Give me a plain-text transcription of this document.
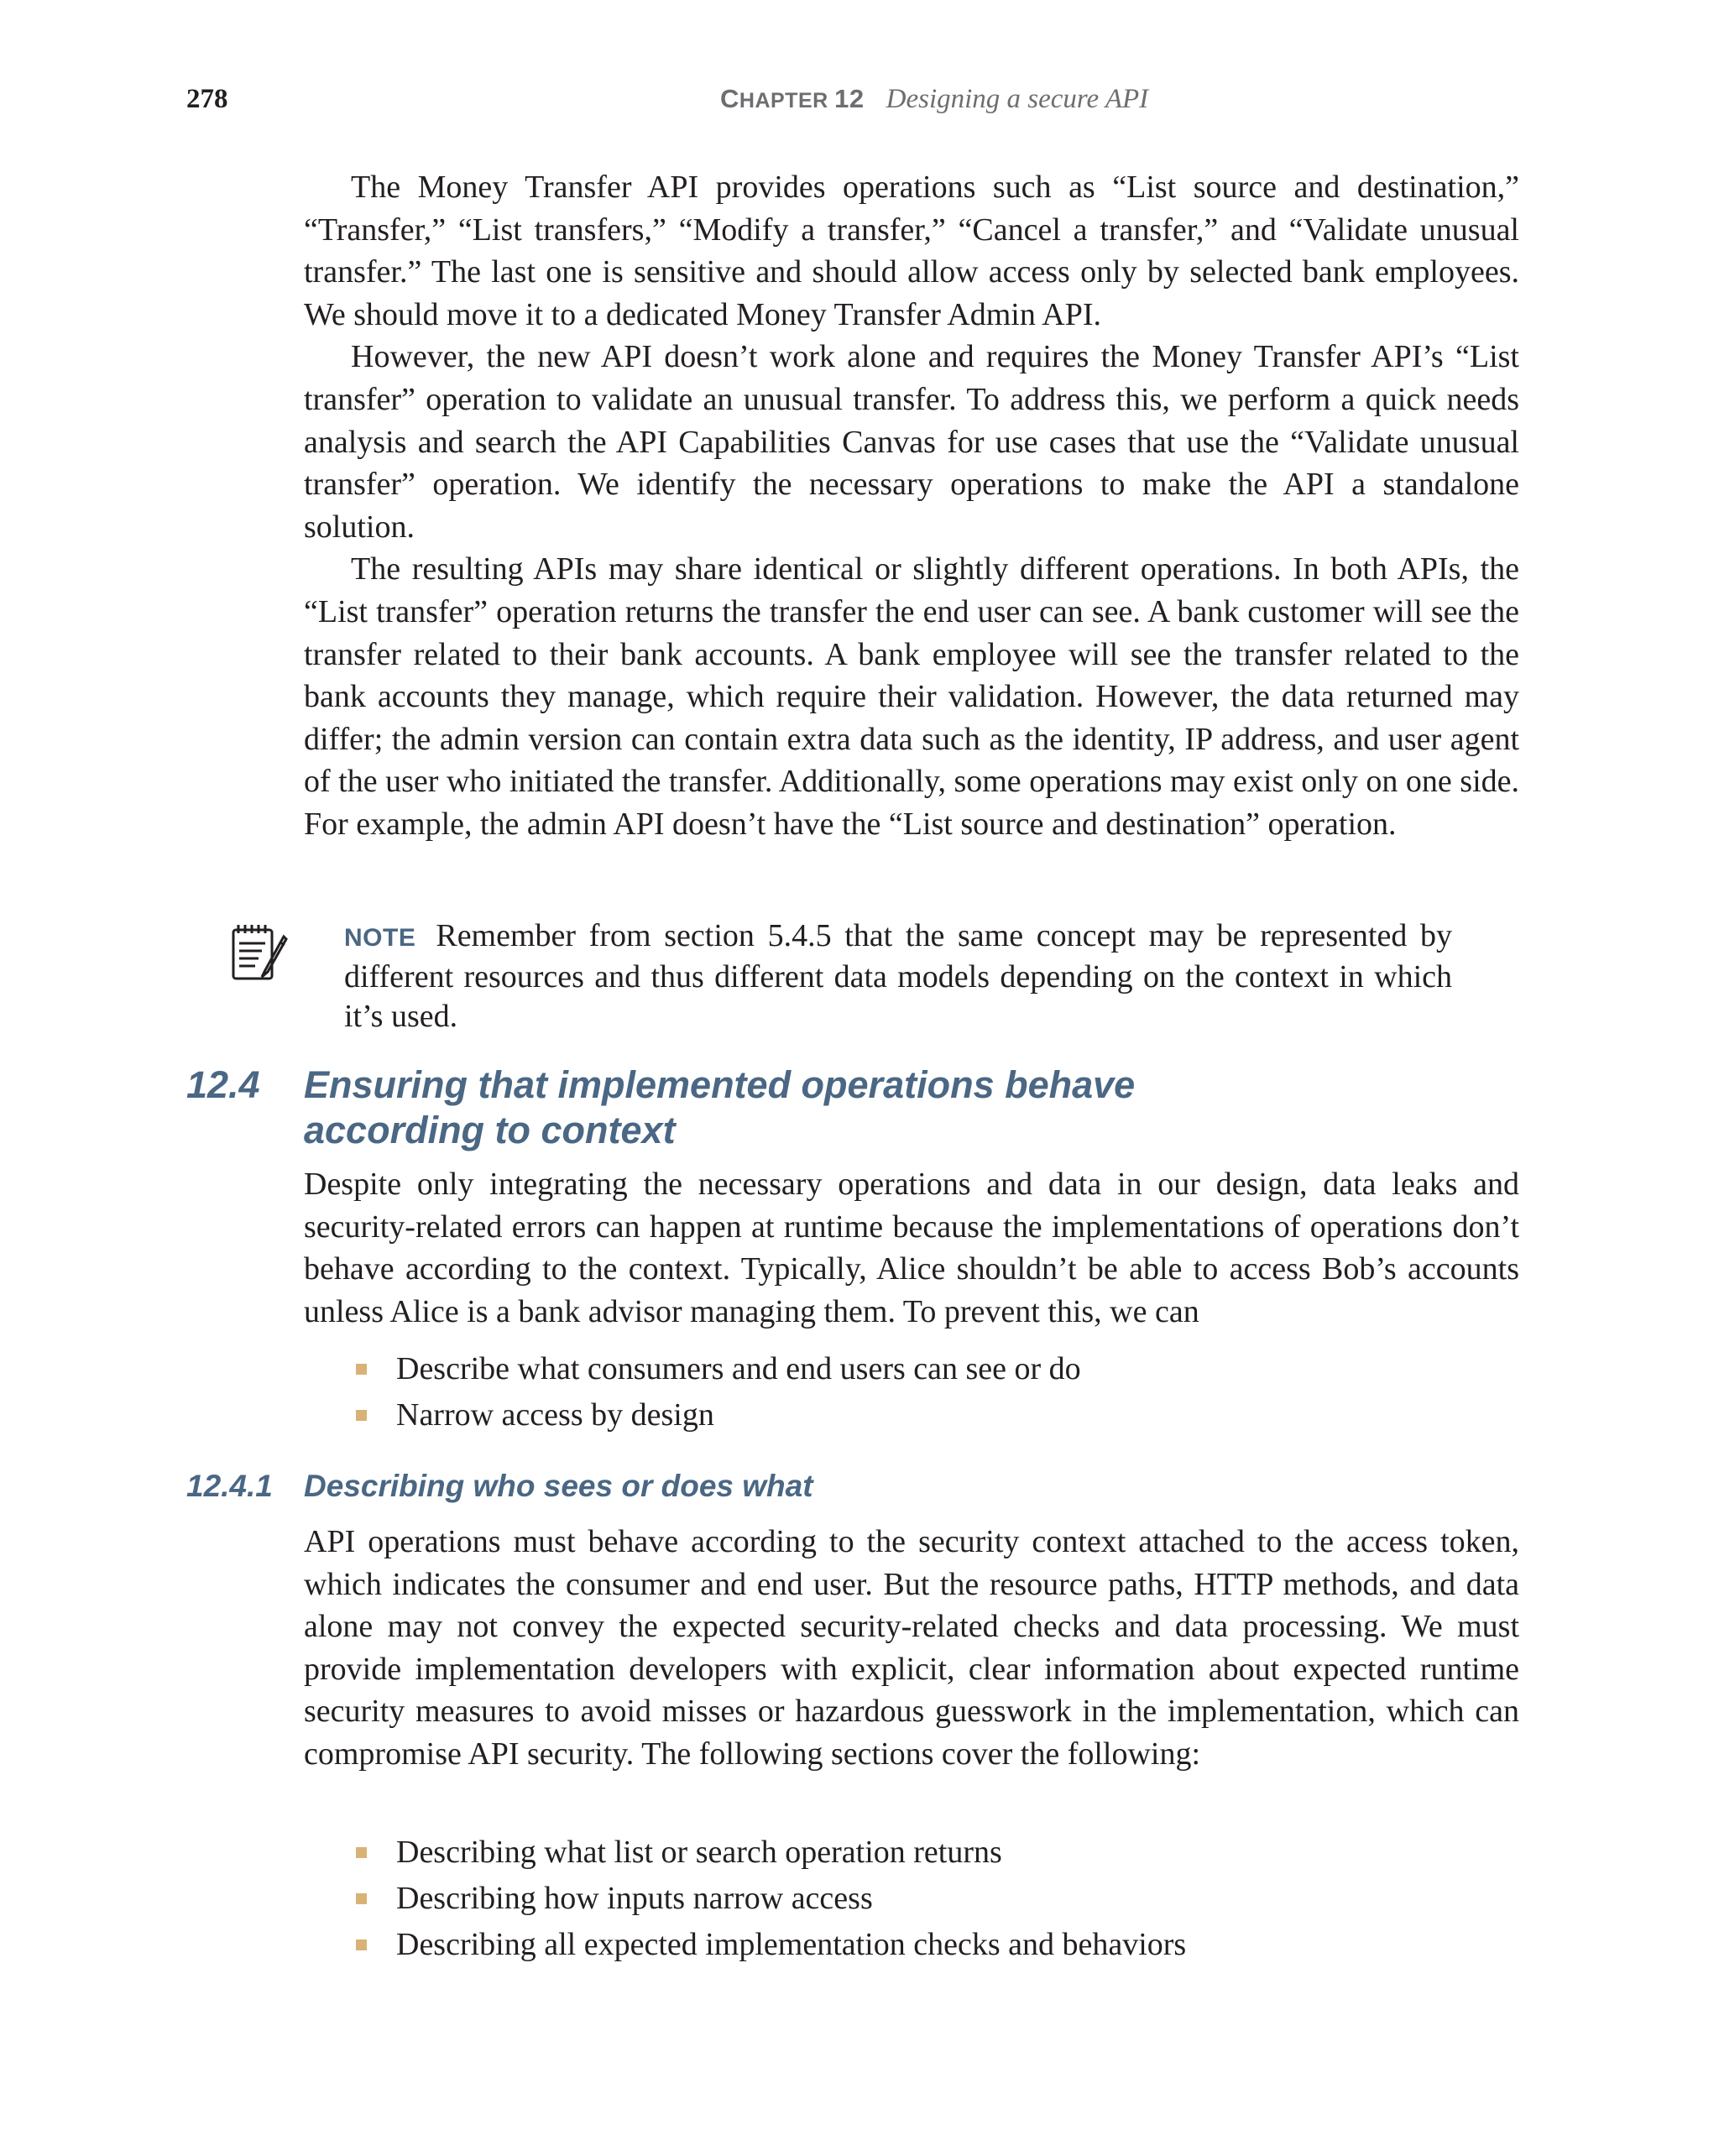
278	CHAPTER 12 Designing a secure API

The Money Transfer API provides operations such as “List source and destination,” “Transfer,” “List transfers,” “Modify a transfer,” “Cancel a transfer,” and “Validate unusual transfer.” The last one is sensitive and should allow access only by selected bank employees. We should move it to a dedicated Money Transfer Admin API.

However, the new API doesn’t work alone and requires the Money Transfer API’s “List transfer” operation to validate an unusual transfer. To address this, we perform a quick needs analysis and search the API Capabilities Canvas for use cases that use the “Validate unusual transfer” operation. We identify the necessary operations to make the API a standalone solution.

The resulting APIs may share identical or slightly different operations. In both APIs, the “List transfer” operation returns the transfer the end user can see. A bank customer will see the transfer related to their bank accounts. A bank employee will see the transfer related to the bank accounts they manage, which require their validation. However, the data returned may differ; the admin version can contain extra data such as the identity, IP address, and user agent of the user who initiated the transfer. Additionally, some operations may exist only on one side. For example, the admin API doesn’t have the “List source and destination” operation.

NOTE Remember from section 5.4.5 that the same concept may be represented by different resources and thus different data models depending on the context in which it’s used.
12.4 Ensuring that implemented operations behave
according to context

Despite only integrating the necessary operations and data in our design, data leaks and security-related errors can happen at runtime because the implementations of operations don’t behave according to the context. Typically, Alice shouldn’t be able to access Bob’s accounts unless Alice is a bank advisor managing them. To prevent this, we can

Describe what consumers and end users can see or do
Narrow access by design
12.4.1 Describing who sees or does what

API operations must behave according to the security context attached to the access token, which indicates the consumer and end user. But the resource paths, HTTP methods, and data alone may not convey the expected security-related checks and data processing. We must provide implementation developers with explicit, clear information about expected runtime security measures to avoid misses or hazardous guesswork in the implementation, which can compromise API security. The following sections cover the following:

Describing what list or search operation returns
Describing how inputs narrow access
Describing all expected implementation checks and behaviors
